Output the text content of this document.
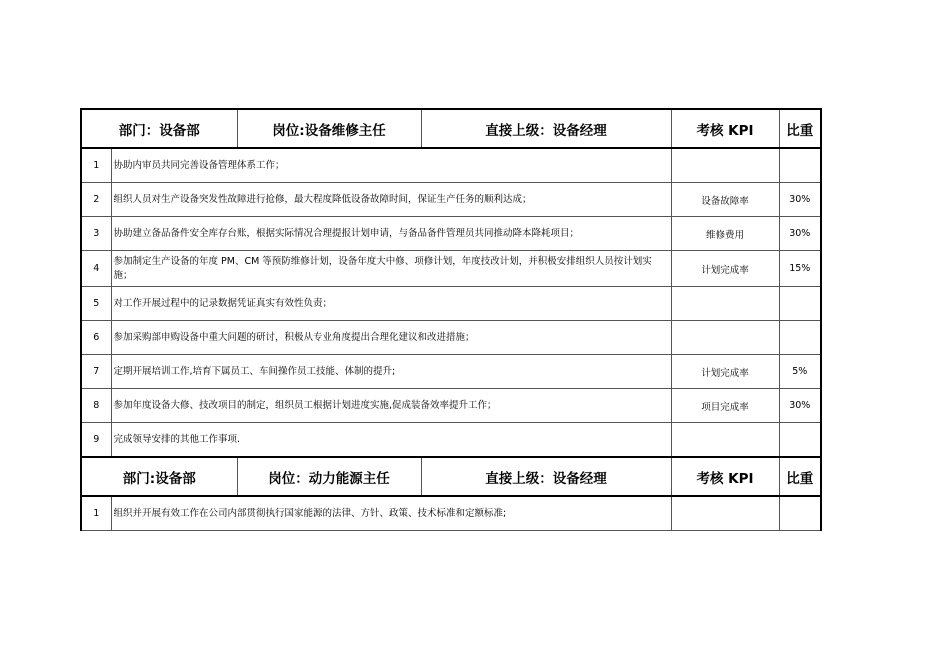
部门：设备部		岗位:设备维修主任	直接上级：设备经理	考核 KPI	比重
1	协助内审员共同完善设备管理体系工作；				
2	组织人员对生产设备突发性故障进行抢修，最大程度降低设备故障时间，保证生产任务的顺利达成；			设备故障率	30%
3	协助建立备品备件安全库存台账，根据实际情况合理提报计划申请，与备品备件管理员共同推动降本降耗项目；			维修费用	30%
4	参加制定生产设备的年度 PM、CM 等预防维修计划，设备年度大中修、项修计划，年度技改计划，并积极安排组织人员按计划实施；			计划完成率	15%
5	对工作开展过程中的记录数据凭证真实有效性负责；				
6	参加采购部申购设备中重大问题的研讨，积极从专业角度提出合理化建议和改进措施；				
7	定期开展培训工作,培育下属员工、车间操作员工技能、体制的提升;			计划完成率	5%
8	参加年度设备大修、技改项目的制定，组织员工根据计划进度实施,促成装备效率提升工作；			项目完成率	30%
9	完成领导安排的其他工作事项.				
部门:设备部		岗位：动力能源主任	直接上级：设备经理	考核 KPI	比重
1	组织并开展有效工作在公司内部贯彻执行国家能源的法律、方针、政策、技术标准和定额标准;				
